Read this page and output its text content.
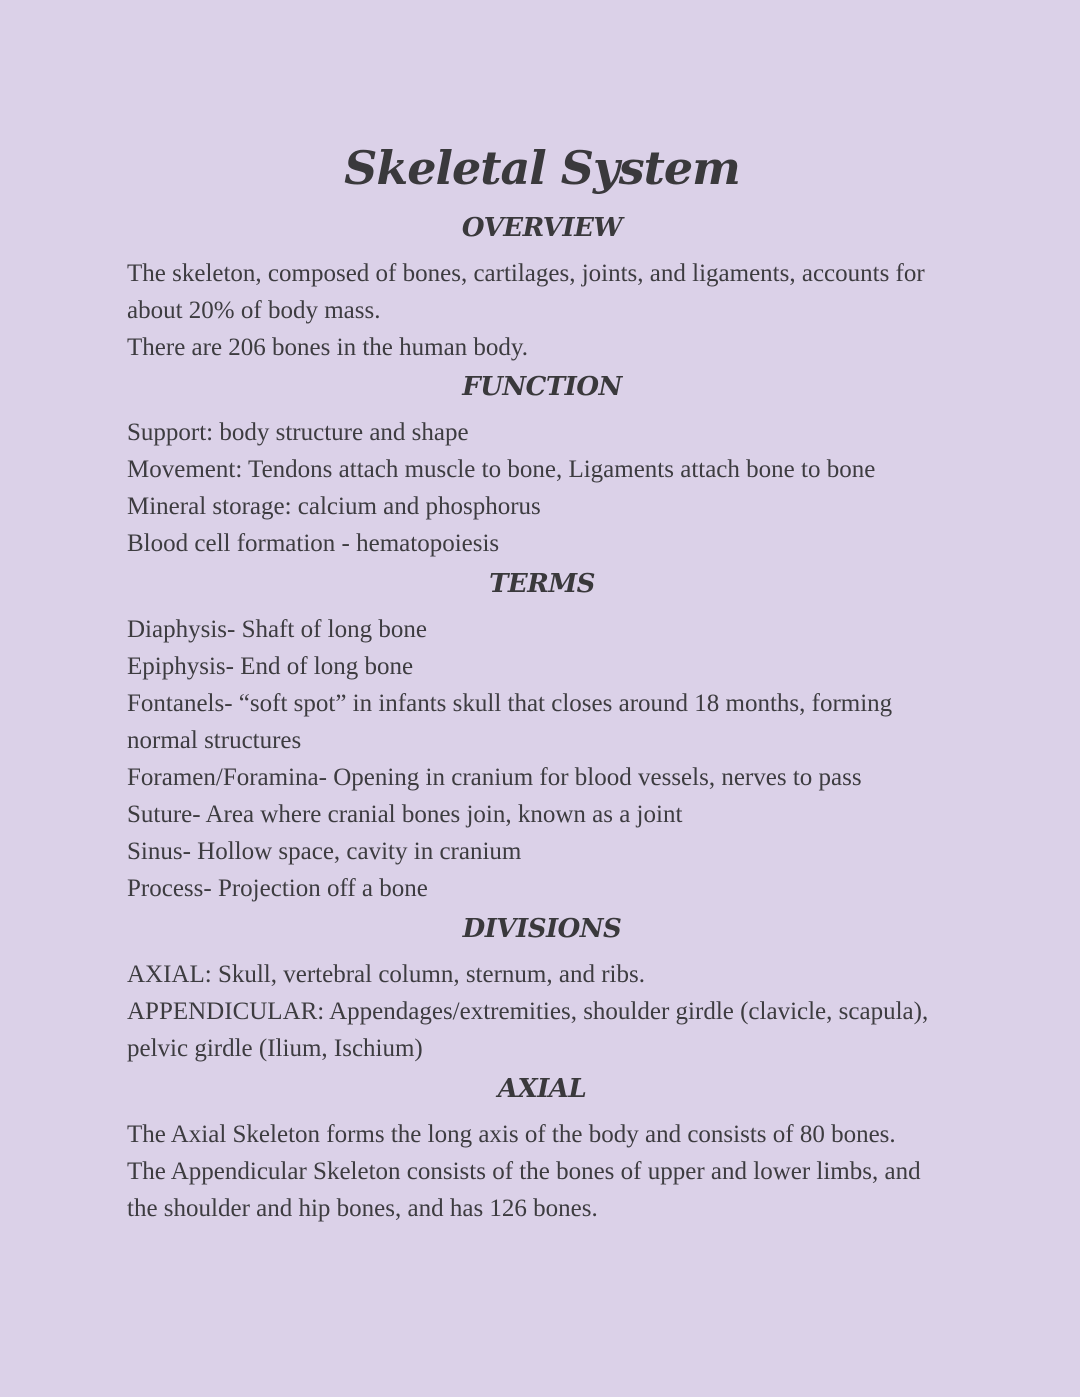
Skeletal System
OVERVIEW

The skeleton, composed of bones, cartilages, joints, and ligaments, accounts for about 20% of body mass.

There are 206 bones in the human body.

FUNCTION

Support: body structure and shape

Movement: Tendons attach muscle to bone, Ligaments attach bone to bone

Mineral storage: calcium and phosphorus

Blood cell formation - hematopoiesis

TERMS

Diaphysis- Shaft of long bone

Epiphysis- End of long bone

Fontanels- “soft spot” in infants skull that closes around 18 months, forming normal structures

Foramen/Foramina- Opening in cranium for blood vessels, nerves to pass

Suture- Area where cranial bones join, known as a joint

Sinus- Hollow space, cavity in cranium

Process- Projection off a bone

DIVISIONS

AXIAL: Skull, vertebral column, sternum, and ribs.

APPENDICULAR: Appendages/extremities, shoulder girdle (clavicle, scapula), pelvic girdle (Ilium, Ischium)

AXIAL

The Axial Skeleton forms the long axis of the body and consists of 80 bones.

The Appendicular Skeleton consists of the bones of upper and lower limbs, and the shoulder and hip bones, and has 126 bones.
